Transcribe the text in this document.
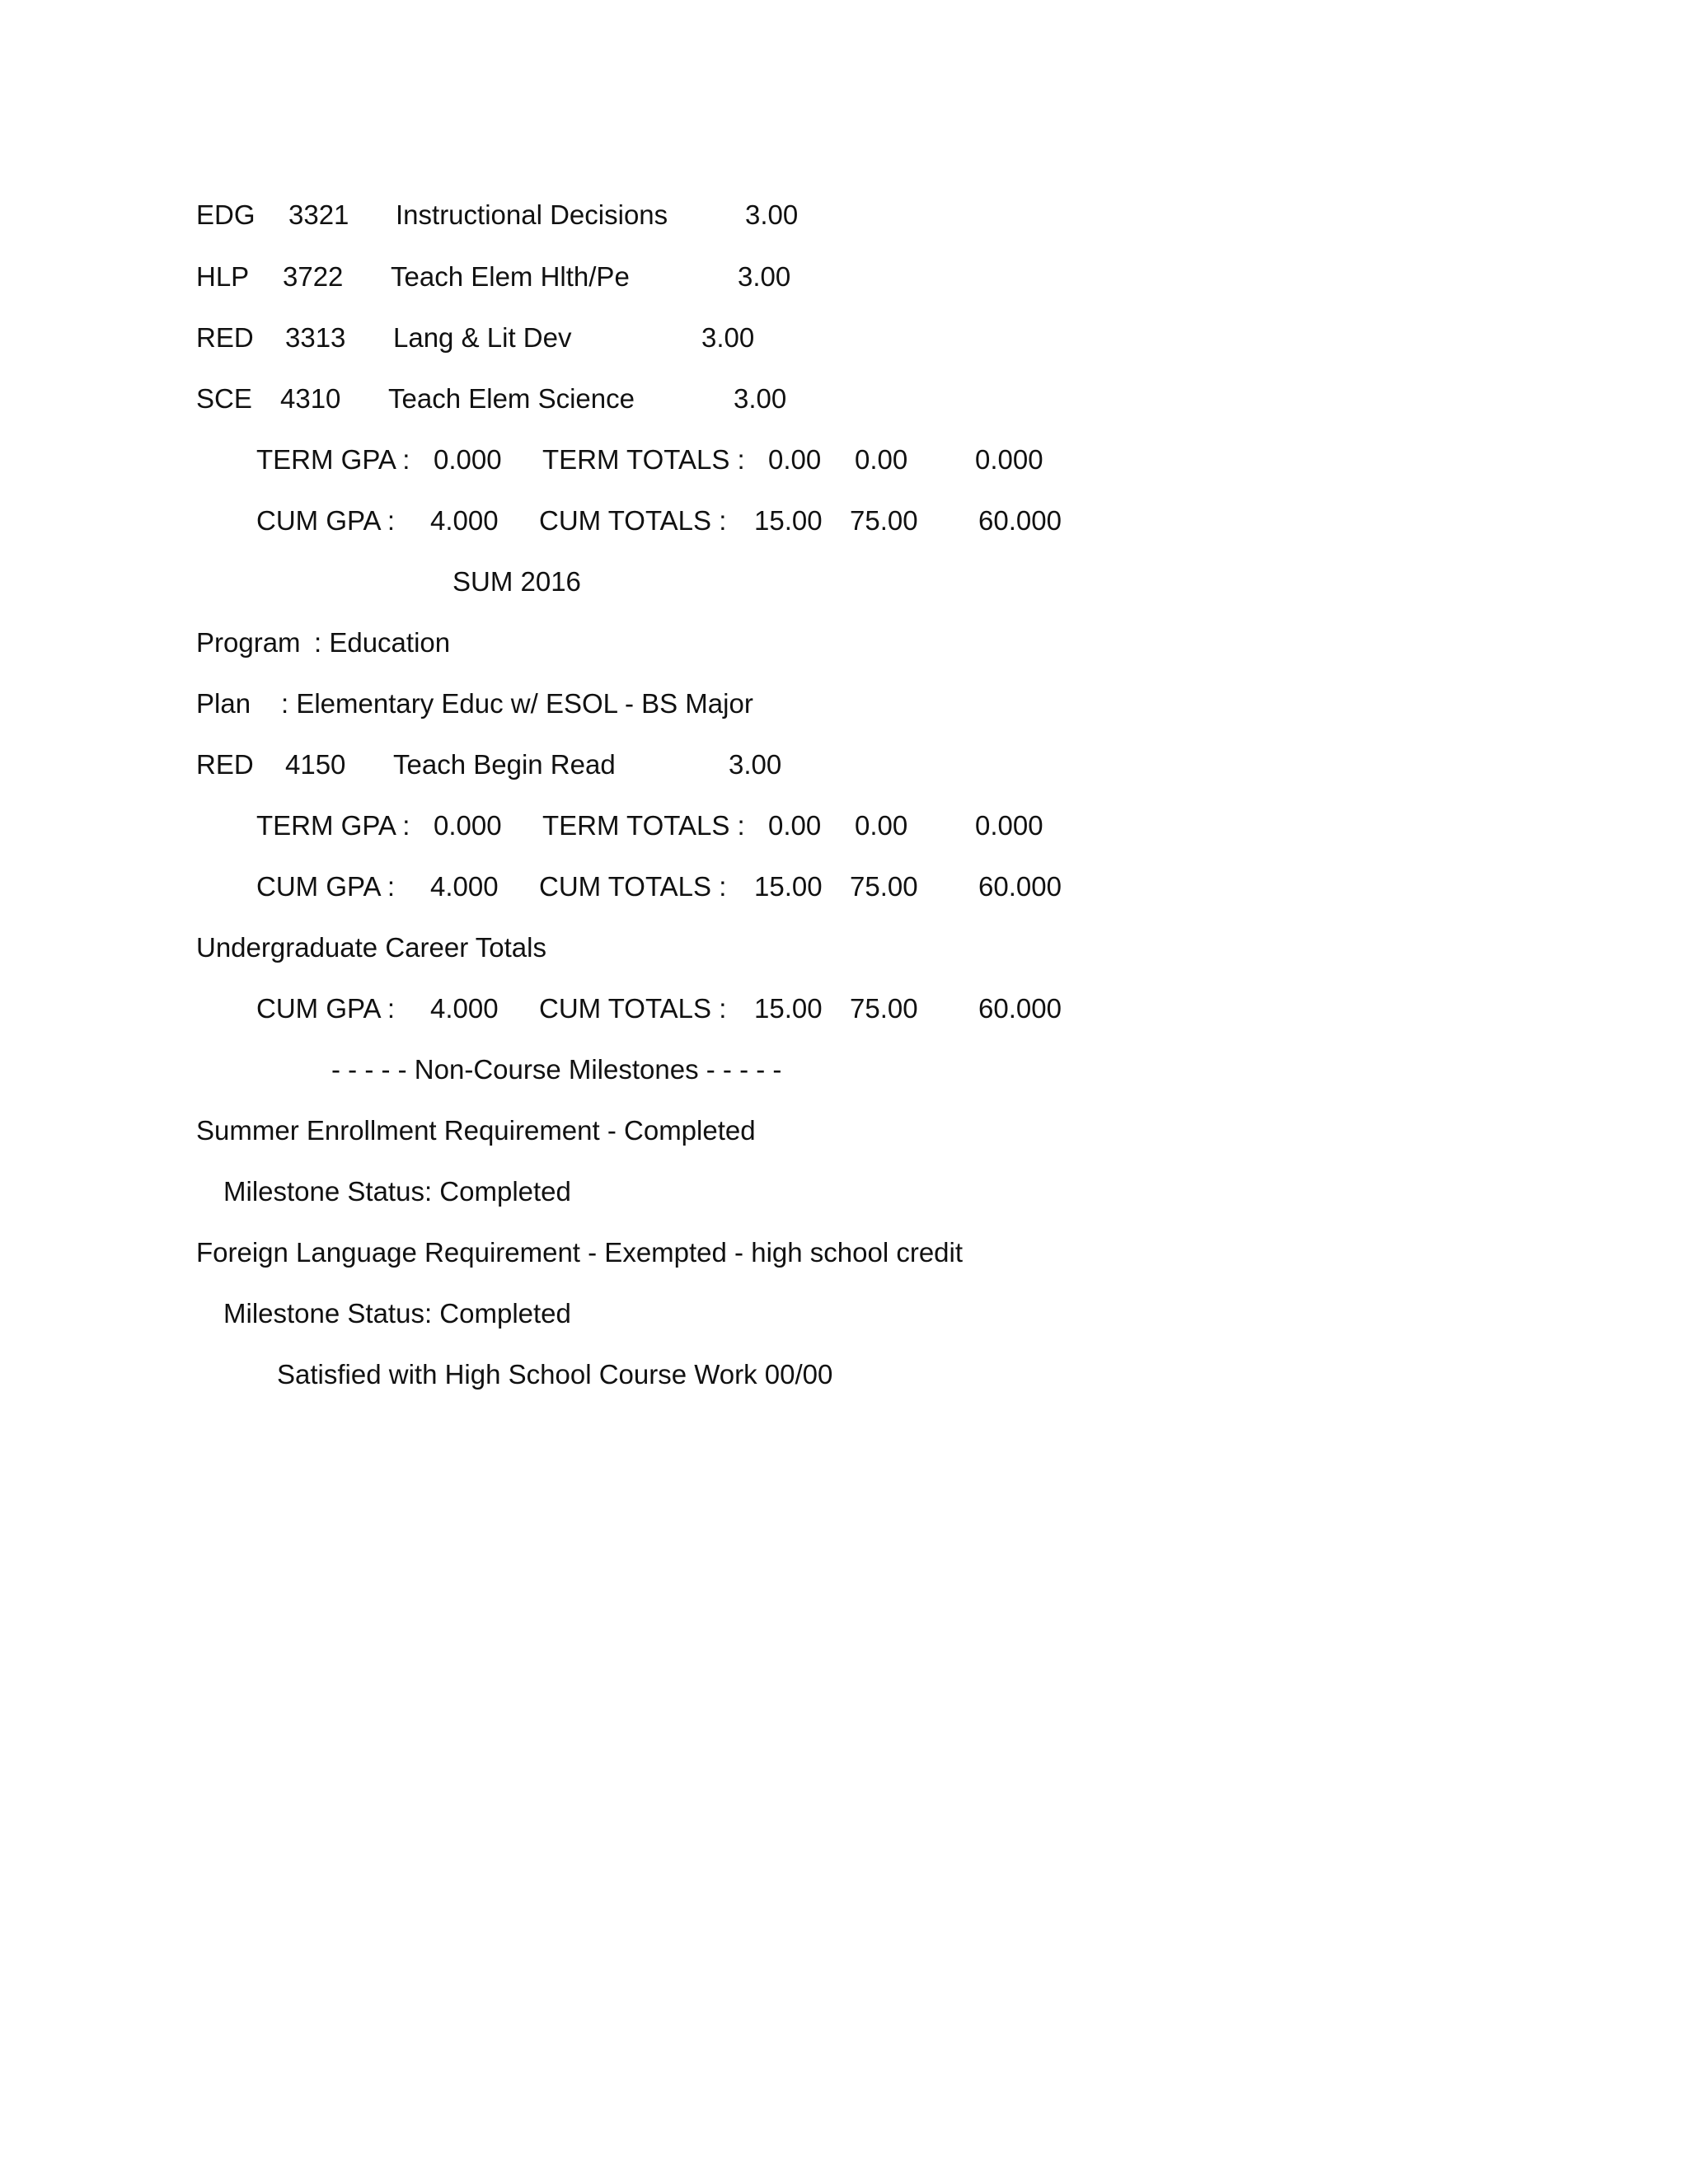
EDG 3321 Instructional Decisions	3.00
HLP 3722 Teach Elem Hlth/Pe	3.00
RED 3313 Lang & Lit Dev	3.00
SCE 4310 Teach Elem Science	3.00
TERM GPA : 0.000 TERM TOTALS : 0.00 0.00 0.000
CUM GPA : 4.000 CUM TOTALS : 15.00 75.00 60.000
SUM 2016
Program : Education
Plan : Elementary Educ w/ ESOL - BS Major
RED 4150 Teach Begin Read	3.00
TERM GPA : 0.000 TERM TOTALS : 0.00 0.00 0.000
CUM GPA : 4.000 CUM TOTALS : 15.00 75.00 60.000
Undergraduate Career Totals
CUM GPA : 4.000 CUM TOTALS : 15.00 75.00 60.000
- - - - - Non-Course Milestones - - - - -
Summer Enrollment Requirement - Completed
Milestone Status: Completed
Foreign Language Requirement - Exempted - high school credit
Milestone Status: Completed
Satisfied with High School Course Work 00/00
